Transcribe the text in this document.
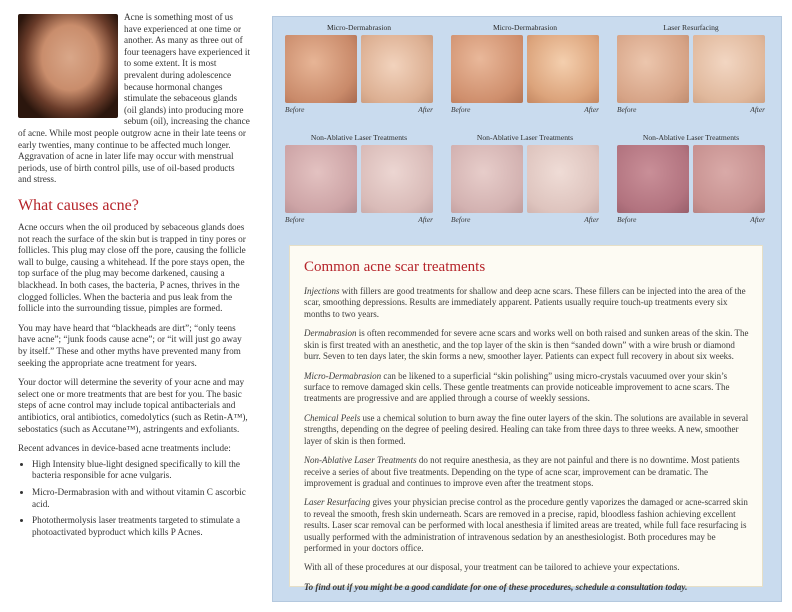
Acne is something most of us have experienced at one time or another. As many as three out of four teenagers have experienced it to some extent. It is most prevalent during adolescence because hormonal changes stimulate the sebaceous glands (oil glands) into producing more sebum (oil), increasing the chance of acne. While most people outgrow acne in their late teens or early twenties, many continue to be affected much longer. Aggravation of acne in later life may occur with menstrual periods, use of birth control pills, use of oil-based products and stress.

What causes acne?

Acne occurs when the oil produced by sebaceous glands does not reach the surface of the skin but is trapped in tiny pores or follicles. This plug may close off the pore, causing the follicle wall to bulge, causing a whitehead. If the pore stays open, the top surface of the plug may become darkened, causing a blackhead. In both cases, the bacteria, P acnes, thrives in the clogged follicles. When the bacteria and pus leak from the follicle into the surrounding tissue, pimples are formed.

You may have heard that “blackheads are dirt”; “only teens have acne”; “junk foods cause acne”; or “it will just go away by itself.” These and other myths have prevented many from seeking the appropriate acne treatment for years.

Your doctor will determine the severity of your acne and may select one or more treatments that are best for you. The basic steps of acne control may include topical antibacterials and antibiotics, oral antibiotics, comedolytics (such as Retin-A™), sebostatics (such as Accutane™), astringents and exfoliants.

Recent advances in device-based acne treatments include:

• High Intensity blue-light designed specifically to kill the bacteria responsible for acne vulgaris.
• Micro-Dermabrasion with and without vitamin C ascorbic acid.
• Photothermolysis laser treatments targeted to stimulate a photoactivated byproduct which kills P Acnes.
Micro-Dermabrasion
Before	After
Micro-Dermabrasion
Before	After
Laser Resurfacing
Before	After
Non-Ablative Laser Treatments
Before	After
Non-Ablative Laser Treatments
Before	After
Non-Ablative Laser Treatments
Before	After
Common acne scar treatments

Injections with fillers are good treatments for shallow and deep acne scars. These fillers can be injected into the area of the scar, smoothing depressions. Results are immediately apparent. Patients usually require touch-up treatments every six months to two years.

Dermabrasion is often recommended for severe acne scars and works well on both raised and sunken areas of the skin. The skin is first treated with an anesthetic, and the top layer of the skin is then “sanded down” with a wire brush or diamond burr. Seven to ten days later, the skin forms a new, smoother layer. Patients can expect full recovery in about six weeks.

Micro-Dermabrasion can be likened to a superficial “skin polishing” using micro-crystals vacuumed over your skin’s surface to remove damaged skin cells. These gentle treatments can provide noticeable improvement to acne scars. The treatments are progressive and are applied through a course of weekly sessions.

Chemical Peels use a chemical solution to burn away the fine outer layers of the skin. The solutions are available in several strengths, depending on the degree of peeling desired. Healing can take from three days to three weeks. A new, smoother layer of skin is then formed.

Non-Ablative Laser Treatments do not require anesthesia, as they are not painful and there is no downtime. Most patients receive a series of about five treatments. Depending on the type of acne scar, improvement can be dramatic. The improvement is gradual and continues to improve even after the treatment stops.

Laser Resurfacing gives your physician precise control as the procedure gently vaporizes the damaged or acne-scarred skin to reveal the smooth, fresh skin underneath. Scars are removed in a precise, rapid, bloodless fashion achieving excellent results. Laser scar removal can be performed with local anesthesia if limited areas are treated, while full face resurfacing is usually performed with the administration of intravenous sedation by an anesthesiologist. Both procedures may be performed in your doctors office.

With all of these procedures at our disposal, your treatment can be tailored to achieve your expectations.

To find out if you might be a good candidate for one of these procedures, schedule a consultation today.
